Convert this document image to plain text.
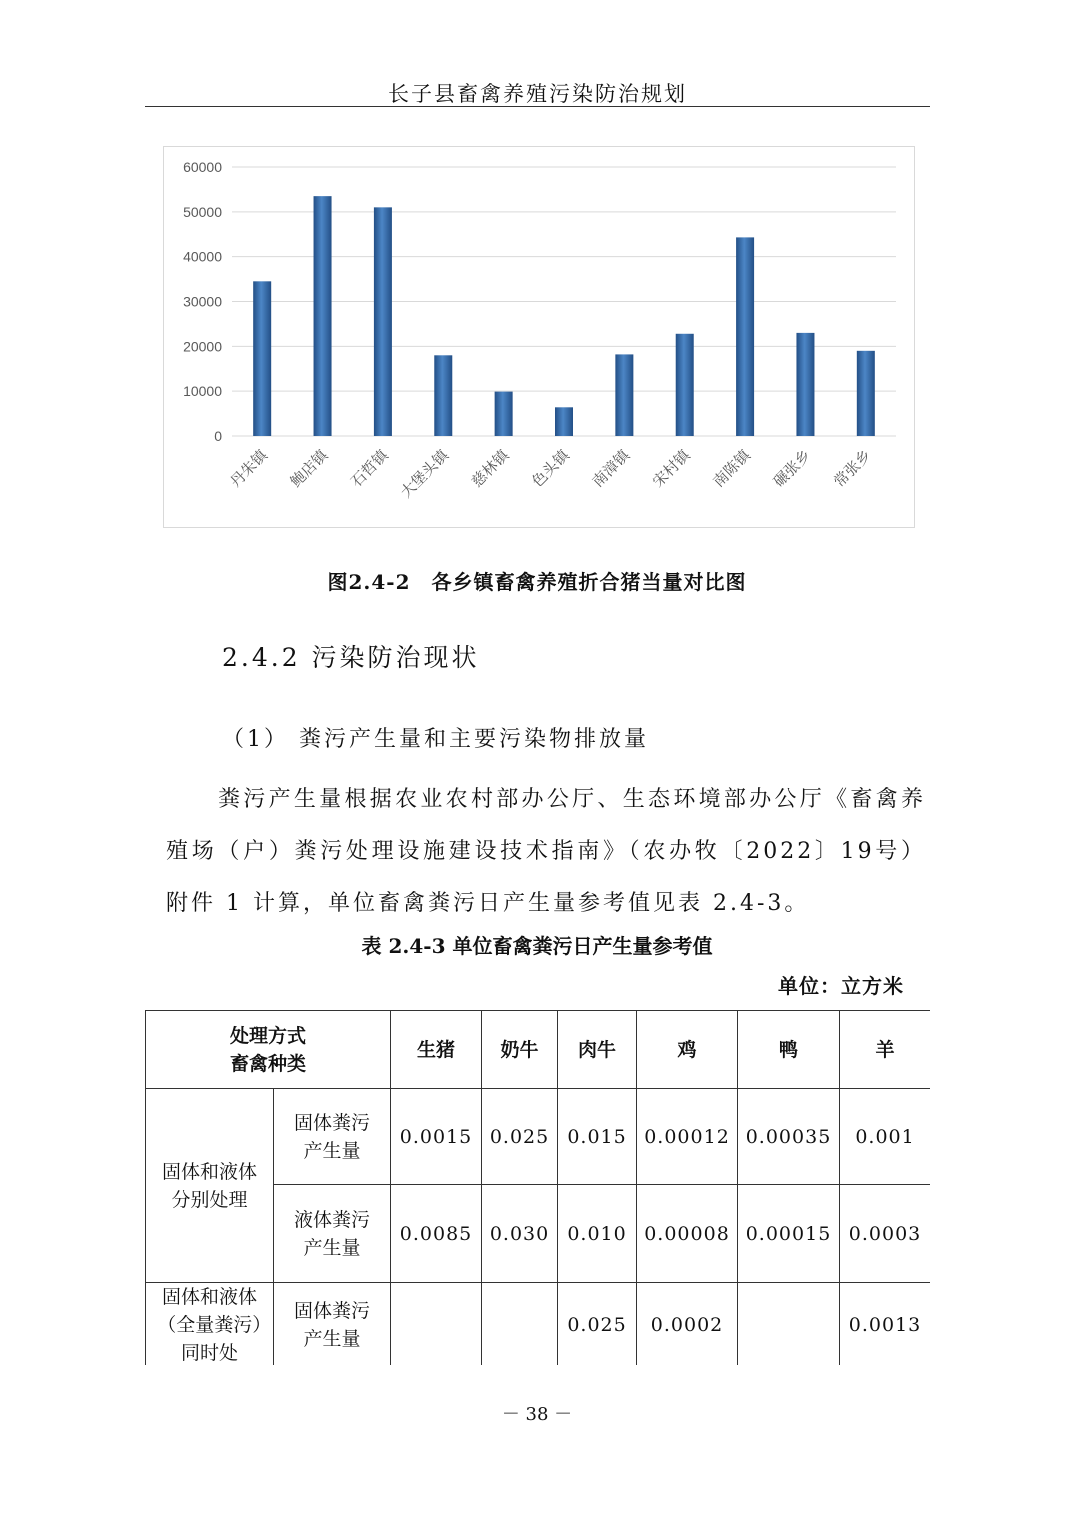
长子县畜禽养殖污染防治规划
0
10000
20000
30000
40000
50000
60000
丹朱镇 鲍店镇 石哲镇 大堡头镇 慈林镇 色头镇 南漳镇 宋村镇 南陈镇 碾张乡 常张乡
图2.4-2　各乡镇畜禽养殖折合猪当量对比图
2.4.2 污染防治现状
（1） 粪污产生量和主要污染物排放量
粪污产生量根据农业农村部办公厅、生态环境部办公厅《畜禽养殖场（户）粪污处理设施建设技术指南》（农办牧〔2022〕19号）附件 1 计算，单位畜禽粪污日产生量参考值见表 2.4-3。
表 2.4-3 单位畜禽粪污日产生量参考值
单位：立方米
处理方式
畜禽种类		生猪	奶牛	肉牛	鸡	鸭	羊
固体和液体分别处理	固体粪污产生量	0.0015	0.025	0.015	0.00012	0.00035	0.001
	液体粪污产生量	0.0085	0.030	0.010	0.00008	0.00015	0.0003
固体和液体（全量粪污）同时处	固体粪污产生量			0.025	0.0002		0.0013
－ 38 －
